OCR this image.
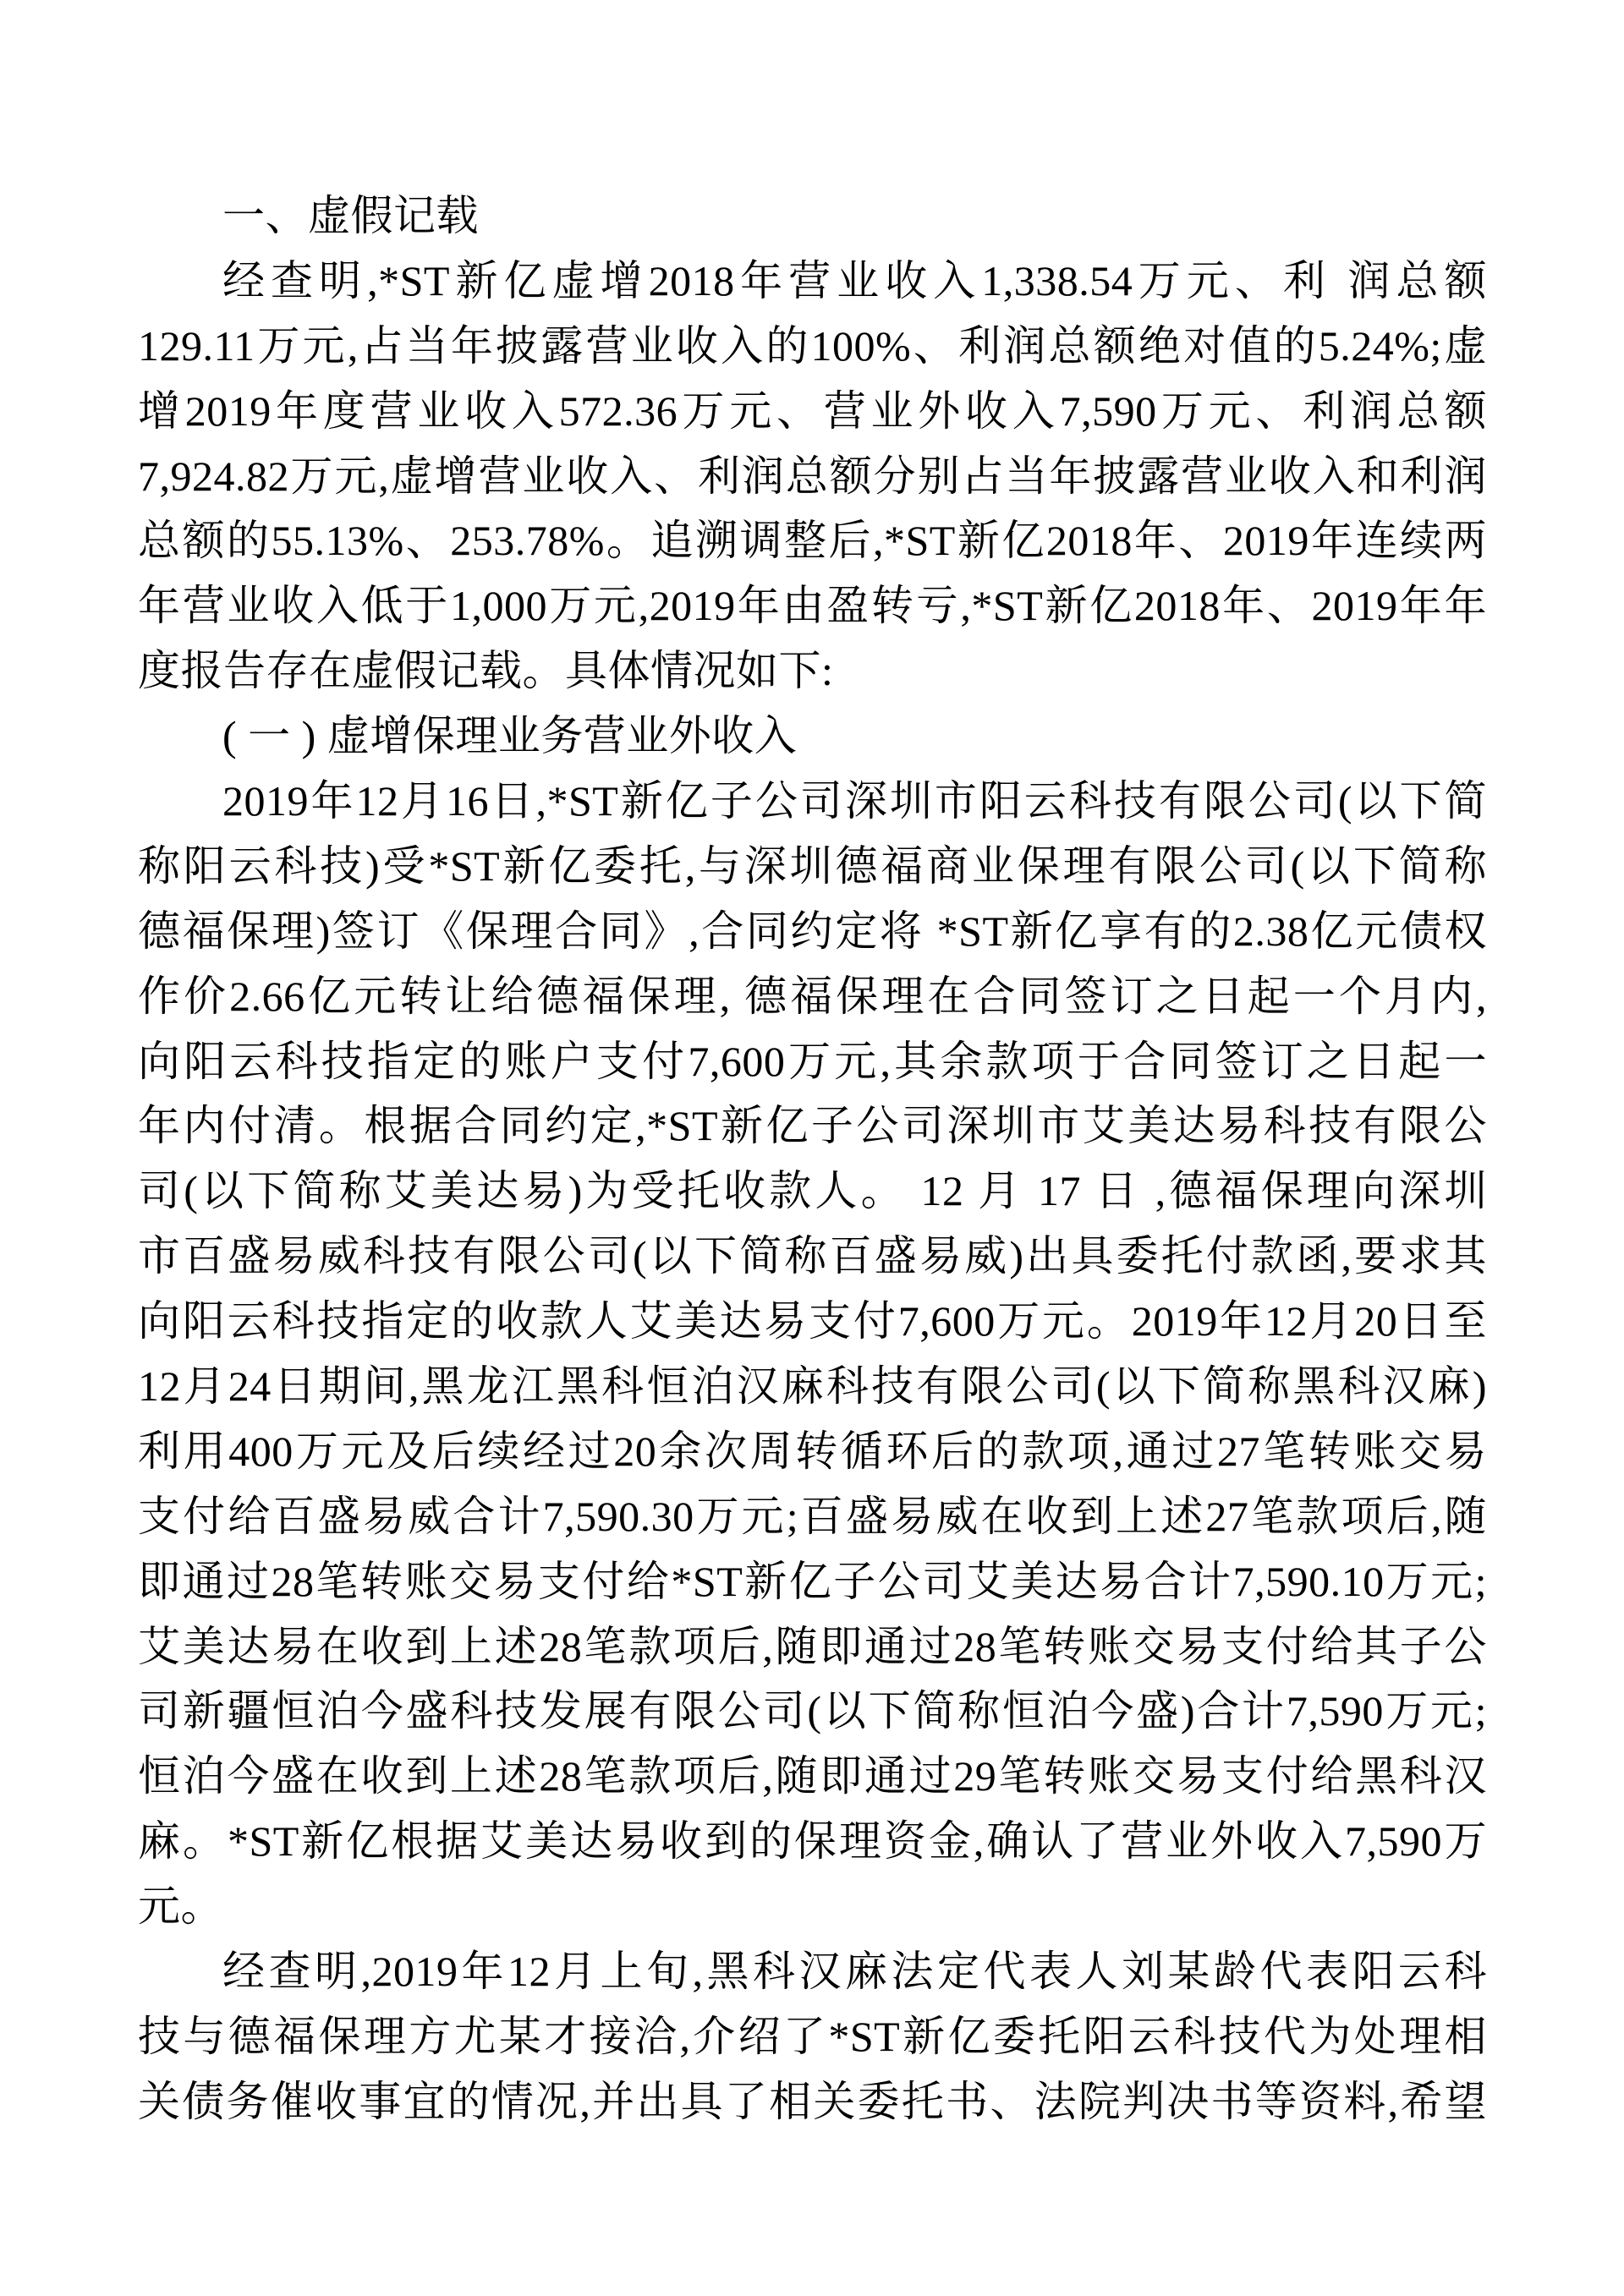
一、虚假记载
经查明,*ST新亿虚增2018年营业收入1,338.54万元、利 润总额
129.11万元,占当年披露营业收入的100%、利润总额绝对值的5.24%;虚
增2019年度营业收入572.36万元、营业外收入7,590万元、利润总额
7,924.82万元,虚增营业收入、利润总额分别占当年披露营业收入和利润
总额的55.13%、253.78%。追溯调整后,*ST新亿2018年、2019年连续两
年营业收入低于1,000万元,2019年由盈转亏,*ST新亿2018年、2019年年
度报告存在虚假记载。具体情况如下:
( 一 ) 虚增保理业务营业外收入
2019年12月16日,*ST新亿子公司深圳市阳云科技有限公司(以下简
称阳云科技)受*ST新亿委托,与深圳德福商业保理有限公司(以下简称
德福保理)签订《保理合同》,合同约定将 *ST新亿享有的2.38亿元债权
作价2.66亿元转让给德福保理, 德福保理在合同签订之日起一个月内,
向阳云科技指定的账户支付7,600万元,其余款项于合同签订之日起一
年内付清。根据合同约定,*ST新亿子公司深圳市艾美达易科技有限公
司(以下简称艾美达易)为受托收款人。 12 月 17 日 ,德福保理向深圳
市百盛易威科技有限公司(以下简称百盛易威)出具委托付款函,要求其
向阳云科技指定的收款人艾美达易支付7,600万元。2019年12月20日至
12月24日期间,黑龙江黑科恒泊汉麻科技有限公司(以下简称黑科汉麻)
利用400万元及后续经过20余次周转循环后的款项,通过27笔转账交易
支付给百盛易威合计7,590.30万元;百盛易威在收到上述27笔款项后,随
即通过28笔转账交易支付给*ST新亿子公司艾美达易合计7,590.10万元;
艾美达易在收到上述28笔款项后,随即通过28笔转账交易支付给其子公
司新疆恒泊今盛科技发展有限公司(以下简称恒泊今盛)合计7,590万元;
恒泊今盛在收到上述28笔款项后,随即通过29笔转账交易支付给黑科汉
麻。*ST新亿根据艾美达易收到的保理资金,确认了营业外收入7,590万
元。
经查明,2019年12月上旬,黑科汉麻法定代表人刘某龄代表阳云科
技与德福保理方尤某才接洽,介绍了*ST新亿委托阳云科技代为处理相
关债务催收事宜的情况,并出具了相关委托书、法院判决书等资料,希望
